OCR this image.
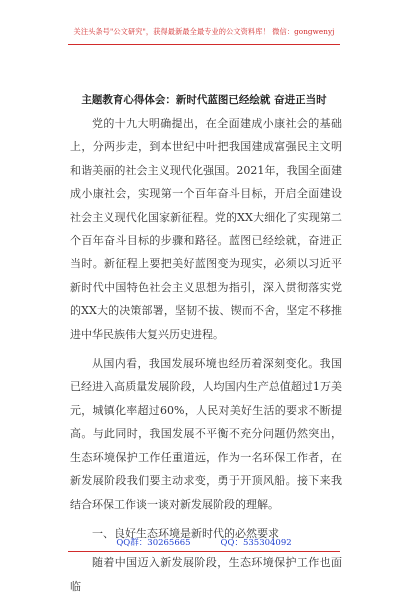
关注头条号"公文研究"，获得最新最全最专业的公文资料库！ 微信：gongwenyj
主题教育心得体会：新时代蓝图已经绘就 奋进正当时

党的十九大明确提出，在全面建成小康社会的基础上，分两步走，到本世纪中叶把我国建成富强民主文明和谐美丽的社会主义现代化强国。2021年，我国全面建成小康社会，实现第一个百年奋斗目标，开启全面建设社会主义现代化国家新征程。党的XX大细化了实现第二个百年奋斗目标的步骤和路径。蓝图已经绘就，奋进正当时。新征程上要把美好蓝图变为现实，必须以习近平新时代中国特色社会主义思想为指引，深入贯彻落实党的XX大的决策部署，坚韧不拔、锲而不舍，坚定不移推进中华民族伟大复兴历史进程。

从国内看，我国发展环境也经历着深刻变化。我国已经进入高质量发展阶段，人均国内生产总值超过1万美元，城镇化率超过60%，人民对美好生活的要求不断提高。与此同时，我国发展不平衡不充分问题仍然突出，生态环境保护工作任重道远，作为一名环保工作者，在新发展阶段我们要主动求变，勇于开顶风船。接下来我结合环保工作谈一谈对新发展阶段的理解。

一、良好生态环境是新时代的必然要求

随着中国迈入新发展阶段，生态环境保护工作也面临

QQ群：30265665	QQ：535304092
